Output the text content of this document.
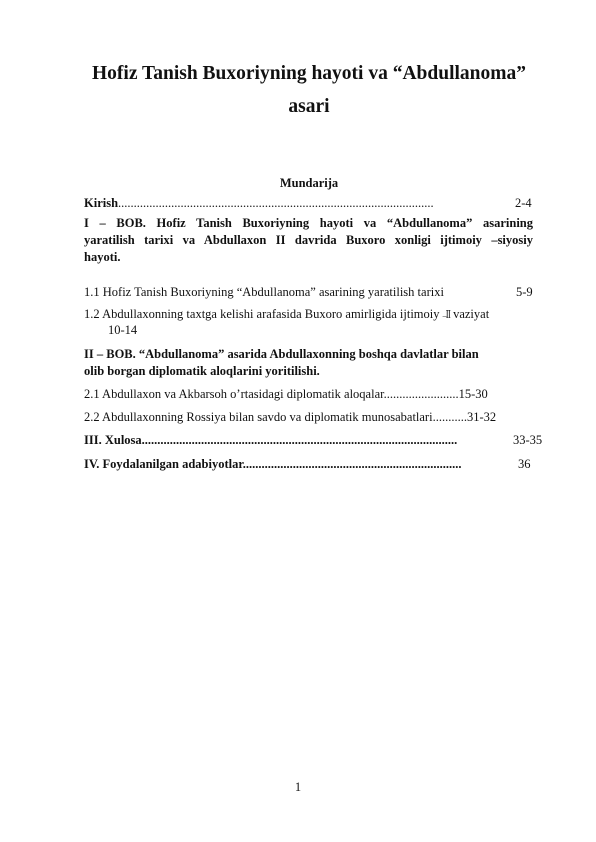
Hofiz Tanish Buxoriyning hayoti va “Abdullanoma”
asari
Mundarija
Kirish.....................................................................................................	2-4
I – BOB. Hofiz Tanish Buxoriyning hayoti va “Abdullanoma” asarining
yaratilish tarixi va Abdullaxon II davrida Buxoro xonligi ijtimoiy –siyosiy
hayoti.
1.1 Hofiz Tanish Buxoriyning “Abdullanoma” asarining yaratilish tarixi	5-9
1.2 Abdullaxonning taxtga kelishi arafasida Buxoro amirligida ijtimoiy –ꟾꟾ vaziyat
10-14
II – BOB. “Abdullanoma” asarida Abdullaxonning boshqa davlatlar bilan
olib borgan diplomatik aloqlarini yoritilishi.
2.1 Abdullaxon va Akbarsoh o’rtasidagi diplomatik aloqalar........................15-30
2.2 Abdullaxonning Rossiya bilan savdo va diplomatik munosabatlari...........31-32
III. Xulosa.....................................................................................................	33-35
IV. Foydalanilgan adabiyotlar......................................................................	36
1
